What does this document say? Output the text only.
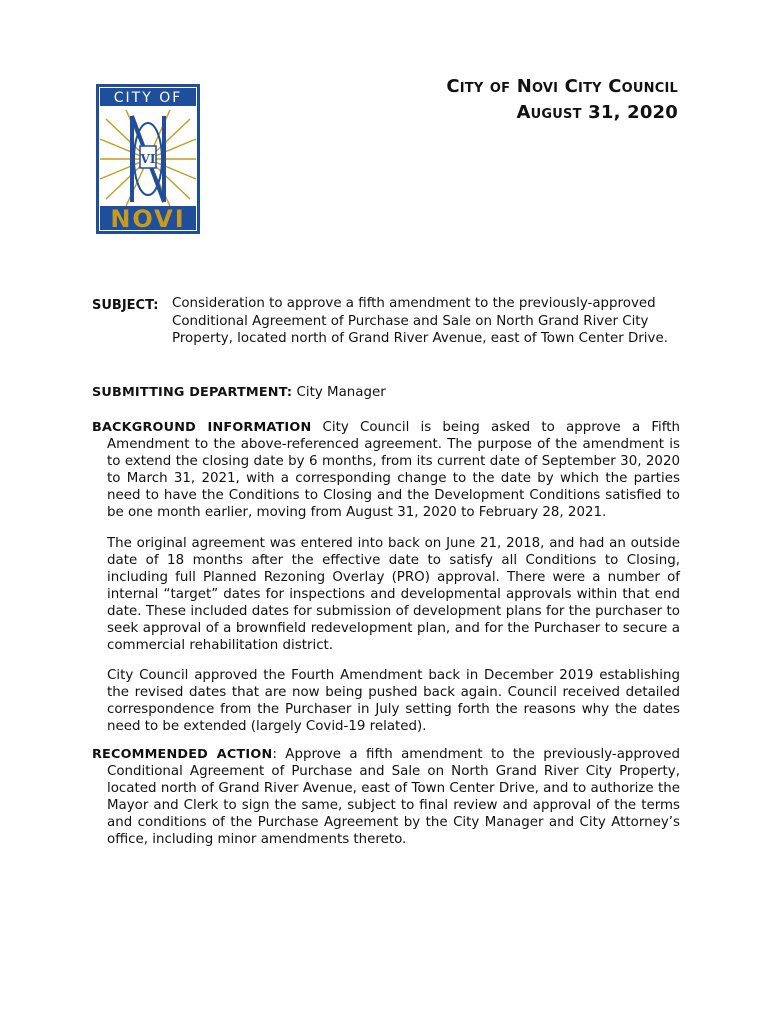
CITY OF
VI
NOVI
City of Novi City Council
August 31, 2020
SUBJECT: Consideration to approve a fifth amendment to the previously-approved Conditional Agreement of Purchase and Sale on North Grand River City Property, located north of Grand River Avenue, east of Town Center Drive.
SUBMITTING DEPARTMENT: City Manager
BACKGROUND INFORMATION City Council is being asked to approve a Fifth Amendment to the above-referenced agreement. The purpose of the amendment is to extend the closing date by 6 months, from its current date of September 30, 2020 to March 31, 2021, with a corresponding change to the date by which the parties need to have the Conditions to Closing and the Development Conditions satisfied to be one month earlier, moving from August 31, 2020 to February 28, 2021.
The original agreement was entered into back on June 21, 2018, and had an outside date of 18 months after the effective date to satisfy all Conditions to Closing, including full Planned Rezoning Overlay (PRO) approval. There were a number of internal “target” dates for inspections and developmental approvals within that end date. These included dates for submission of development plans for the purchaser to seek approval of a brownfield redevelopment plan, and for the Purchaser to secure a commercial rehabilitation district.
City Council approved the Fourth Amendment back in December 2019 establishing the revised dates that are now being pushed back again. Council received detailed correspondence from the Purchaser in July setting forth the reasons why the dates need to be extended (largely Covid-19 related).
RECOMMENDED ACTION: Approve a fifth amendment to the previously-approved Conditional Agreement of Purchase and Sale on North Grand River City Property, located north of Grand River Avenue, east of Town Center Drive, and to authorize the Mayor and Clerk to sign the same, subject to final review and approval of the terms and conditions of the Purchase Agreement by the City Manager and City Attorney’s office, including minor amendments thereto.
